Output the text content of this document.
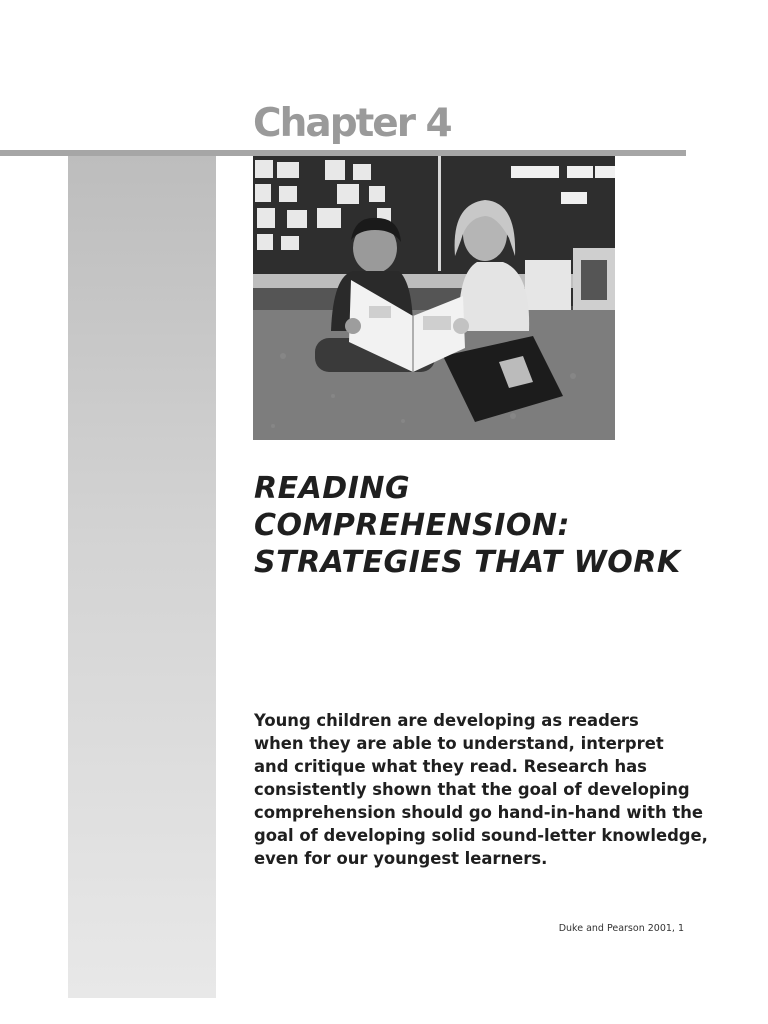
Chapter 4
READING
COMPREHENSION:
STRATEGIES THAT WORK

Young children are developing as readers
when they are able to understand, interpret
and critique what they read. Research has
consistently shown that the goal of developing
comprehension should go hand-in-hand with the
goal of developing solid sound-letter knowledge,
even for our youngest learners.

Duke and Pearson 2001, 1
